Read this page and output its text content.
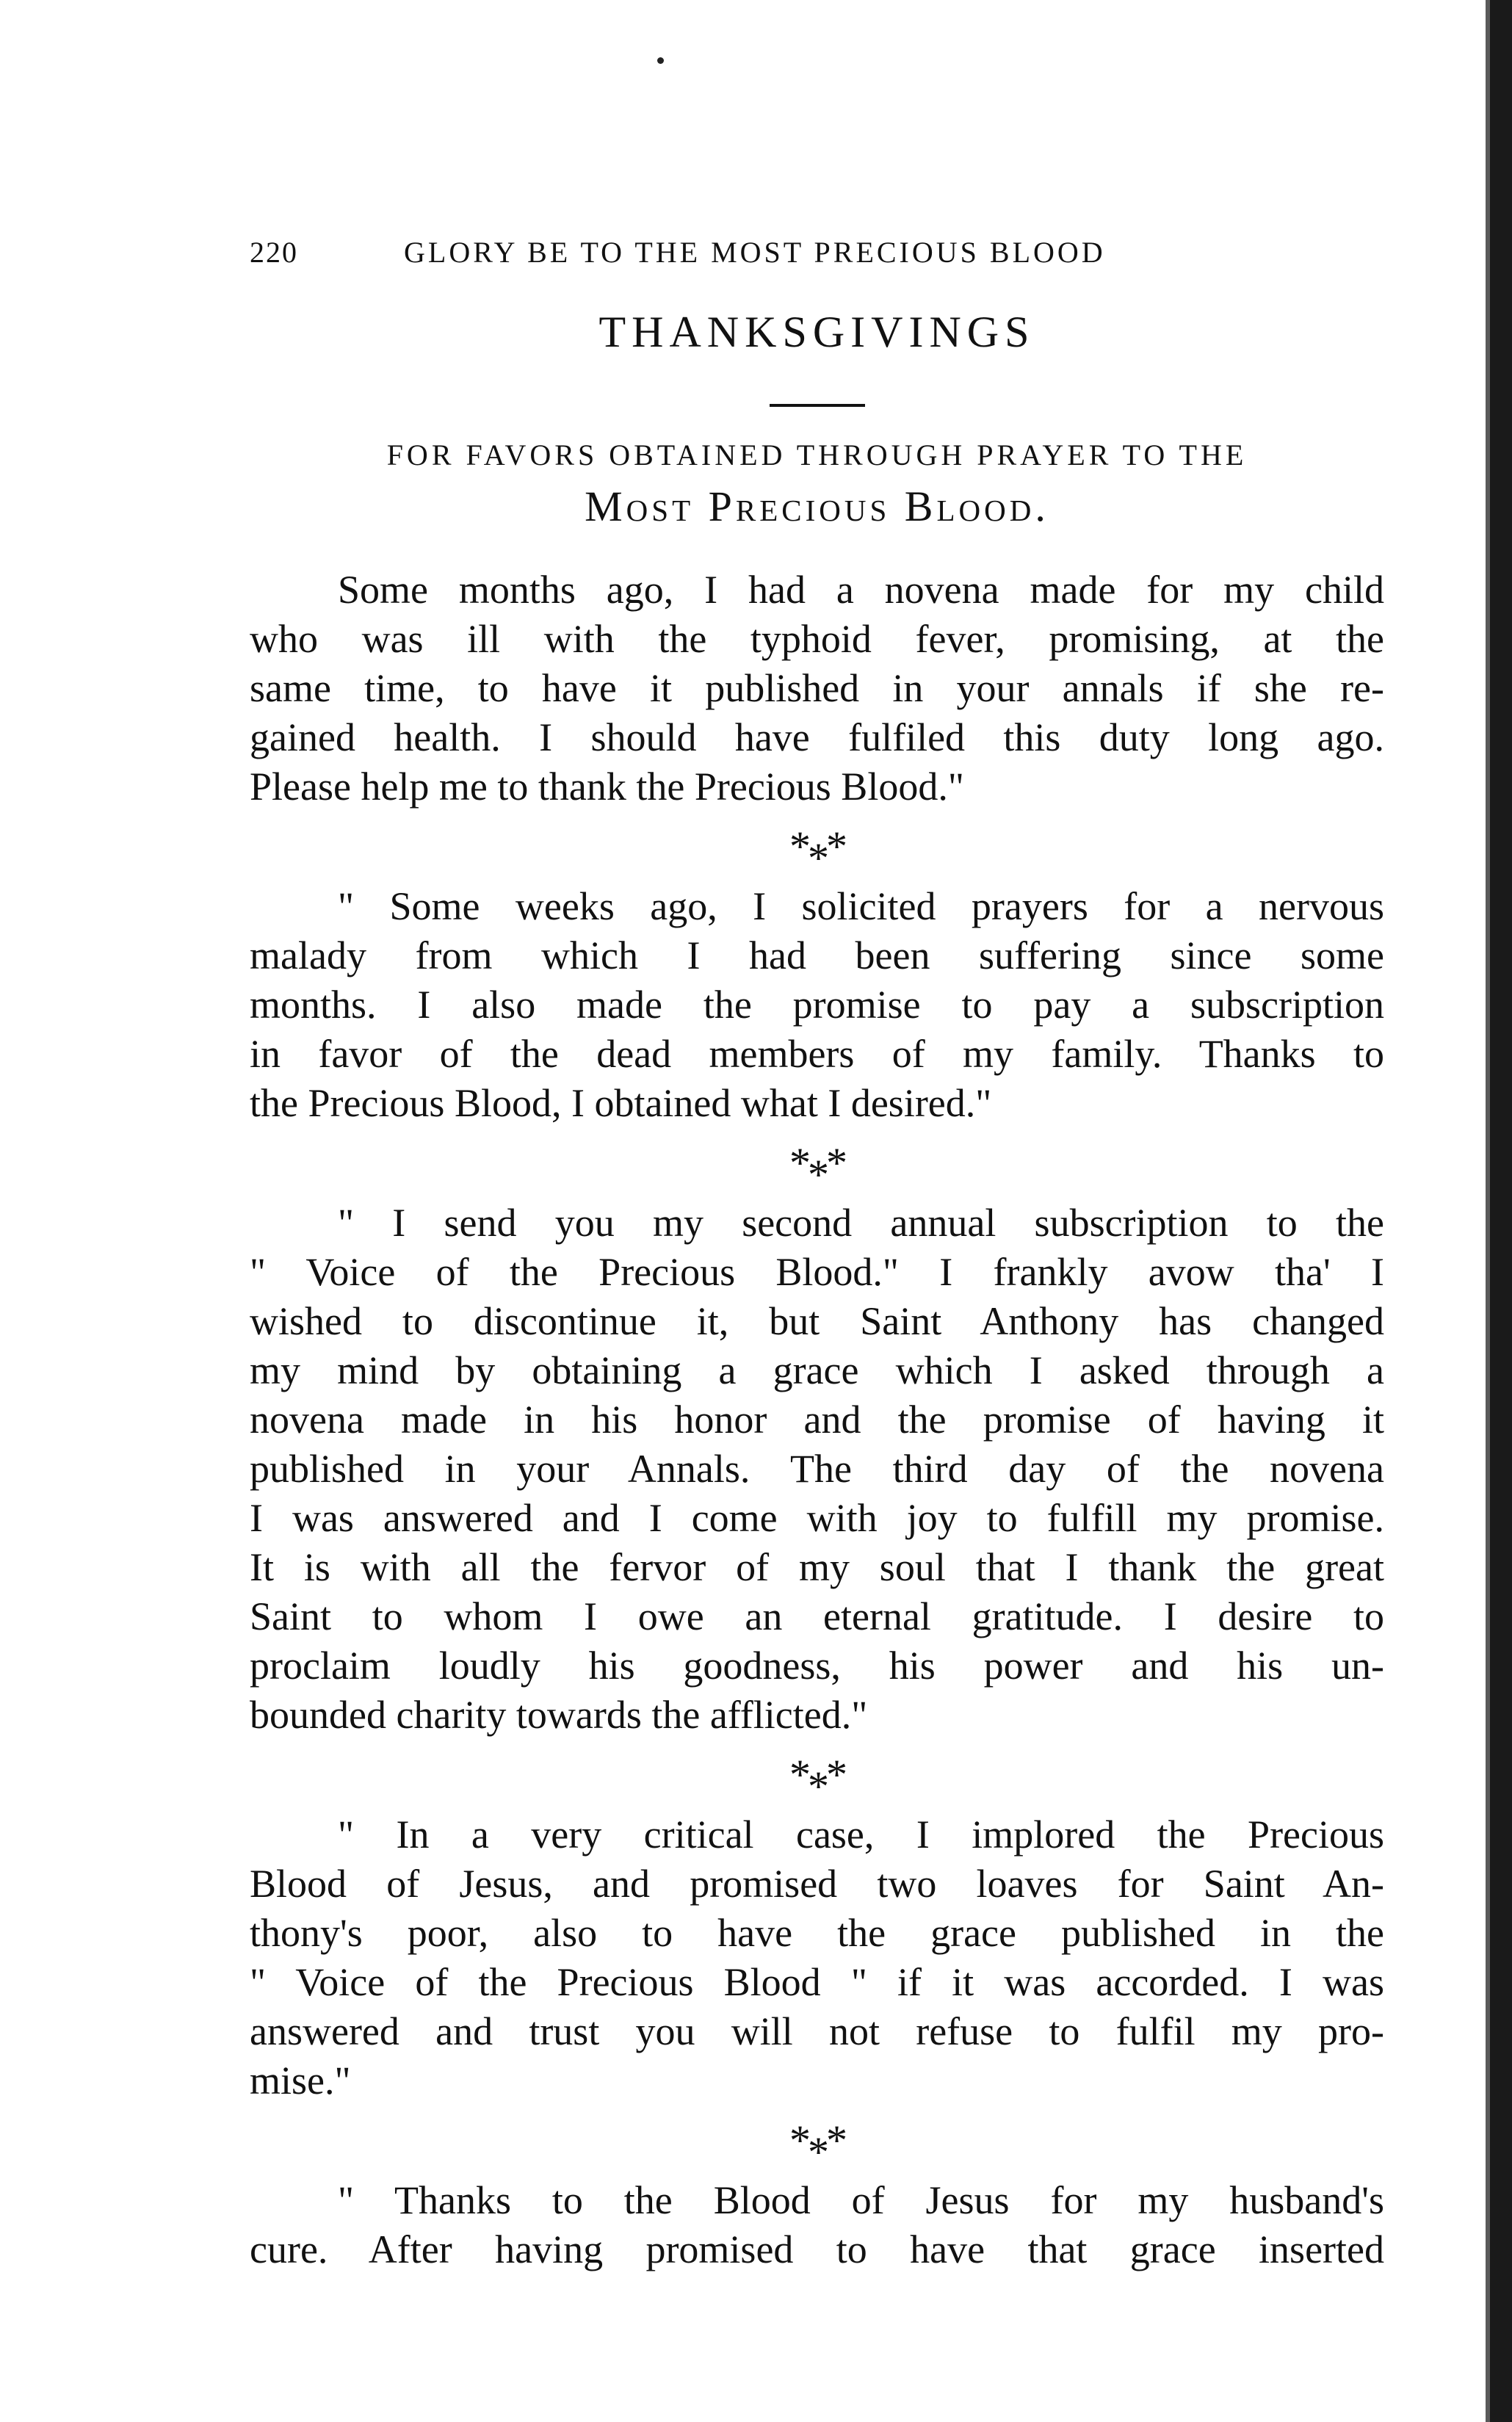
220	GLORY BE TO THE MOST PRECIOUS BLOOD
THANKSGIVINGS
FOR FAVORS OBTAINED THROUGH PRAYER TO THE
Most Precious Blood.

Some months ago, I had a novena made for my child
who was ill with the typhoid fever, promising, at the
same time, to have it published in your annals if she re-
gained health. I should have fulfiled this duty long ago.
Please help me to thank the Precious Blood."

***

" Some weeks ago, I solicited prayers for a nervous
malady from which I had been suffering since some
months. I also made the promise to pay a subscription
in favor of the dead members of my family. Thanks to
the Precious Blood, I obtained what I desired."

***

" I send you my second annual subscription to the
" Voice of the Precious Blood." I frankly avow tha' I
wished to discontinue it, but Saint Anthony has changed
my mind by obtaining a grace which I asked through a
novena made in his honor and the promise of having it
published in your Annals. The third day of the novena
I was answered and I come with joy to fulfill my promise.
It is with all the fervor of my soul that I thank the great
Saint to whom I owe an eternal gratitude. I desire to
proclaim loudly his goodness, his power and his un-
bounded charity towards the afflicted."

***

" In a very critical case, I implored the Precious
Blood of Jesus, and promised two loaves for Saint An-
thony's poor, also to have the grace published in the
" Voice of the Precious Blood " if it was accorded. I was
answered and trust you will not refuse to fulfil my pro-
mise."

***

" Thanks to the Blood of Jesus for my husband's
cure. After having promised to have that grace inserted
